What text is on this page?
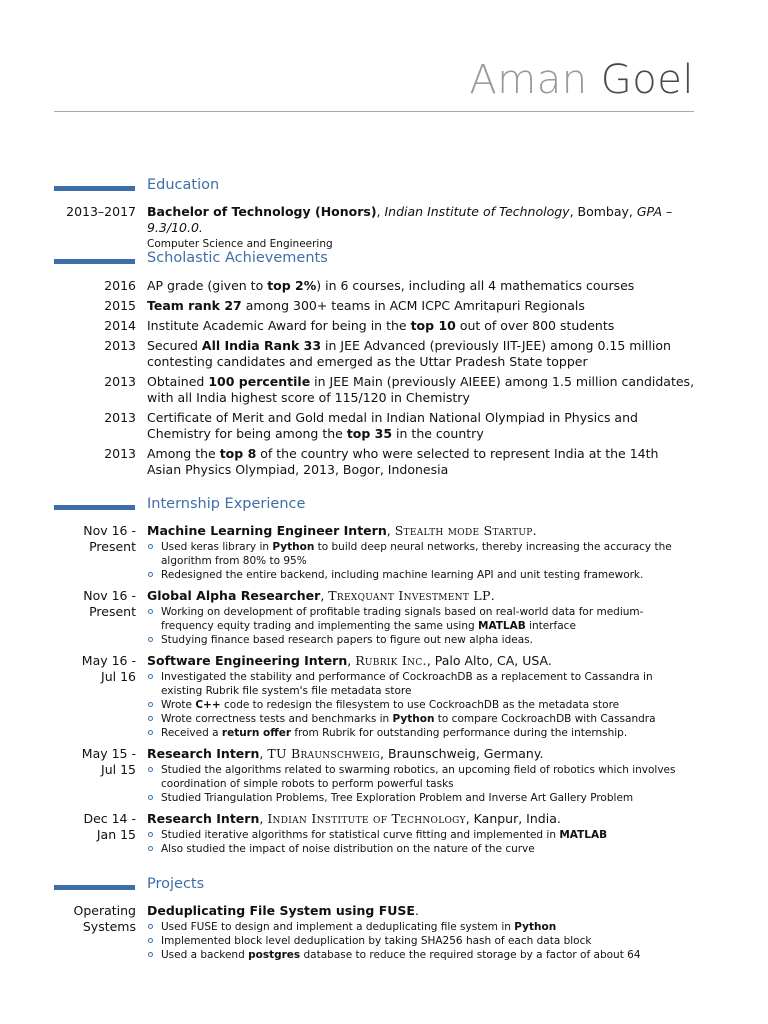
Aman Goel
Education
2013–2017 Bachelor of Technology (Honors), Indian Institute of Technology, Bombay, GPA – 9.3/10.0.
Computer Science and Engineering
Scholastic Achievements
2016 AP grade (given to top 2%) in 6 courses, including all 4 mathematics courses
2015 Team rank 27 among 300+ teams in ACM ICPC Amritapuri Regionals
2014 Institute Academic Award for being in the top 10 out of over 800 students
2013 Secured All India Rank 33 in JEE Advanced (previously IIT-JEE) among 0.15 million contesting candidates and emerged as the Uttar Pradesh State topper
2013 Obtained 100 percentile in JEE Main (previously AIEEE) among 1.5 million candidates, with all India highest score of 115/120 in Chemistry
2013 Certificate of Merit and Gold medal in Indian National Olympiad in Physics and Chemistry for being among the top 35 in the country
2013 Among the top 8 of the country who were selected to represent India at the 14th Asian Physics Olympiad, 2013, Bogor, Indonesia
Internship Experience
Nov 16 -
Present
Machine Learning Engineer Intern, Stealth mode Startup.
Used keras library in Python to build deep neural networks, thereby increasing the accuracy the algorithm from 80% to 95%
Redesigned the entire backend, including machine learning API and unit testing framework.
Nov 16 -
Present
Global Alpha Researcher, Trexquant Investment LP.
Working on development of profitable trading signals based on real-world data for medium-frequency equity trading and implementing the same using MATLAB interface
Studying finance based research papers to figure out new alpha ideas.
May 16 -
Jul 16
Software Engineering Intern, Rubrik Inc., Palo Alto, CA, USA.
Investigated the stability and performance of CockroachDB as a replacement to Cassandra in existing Rubrik file system's file metadata store
Wrote C++ code to redesign the filesystem to use CockroachDB as the metadata store
Wrote correctness tests and benchmarks in Python to compare CockroachDB with Cassandra
Received a return offer from Rubrik for outstanding performance during the internship.
May 15 -
Jul 15
Research Intern, TU Braunschweig, Braunschweig, Germany.
Studied the algorithms related to swarming robotics, an upcoming field of robotics which involves coordination of simple robots to perform powerful tasks
Studied Triangulation Problems, Tree Exploration Problem and Inverse Art Gallery Problem
Dec 14 -
Jan 15
Research Intern, Indian Institute of Technology, Kanpur, India.
Studied iterative algorithms for statistical curve fitting and implemented in MATLAB
Also studied the impact of noise distribution on the nature of the curve
Projects
Operating
Systems
Deduplicating File System using FUSE.
Used FUSE to design and implement a deduplicating file system in Python
Implemented block level deduplication by taking SHA256 hash of each data block
Used a backend postgres database to reduce the required storage by a factor of about 64
